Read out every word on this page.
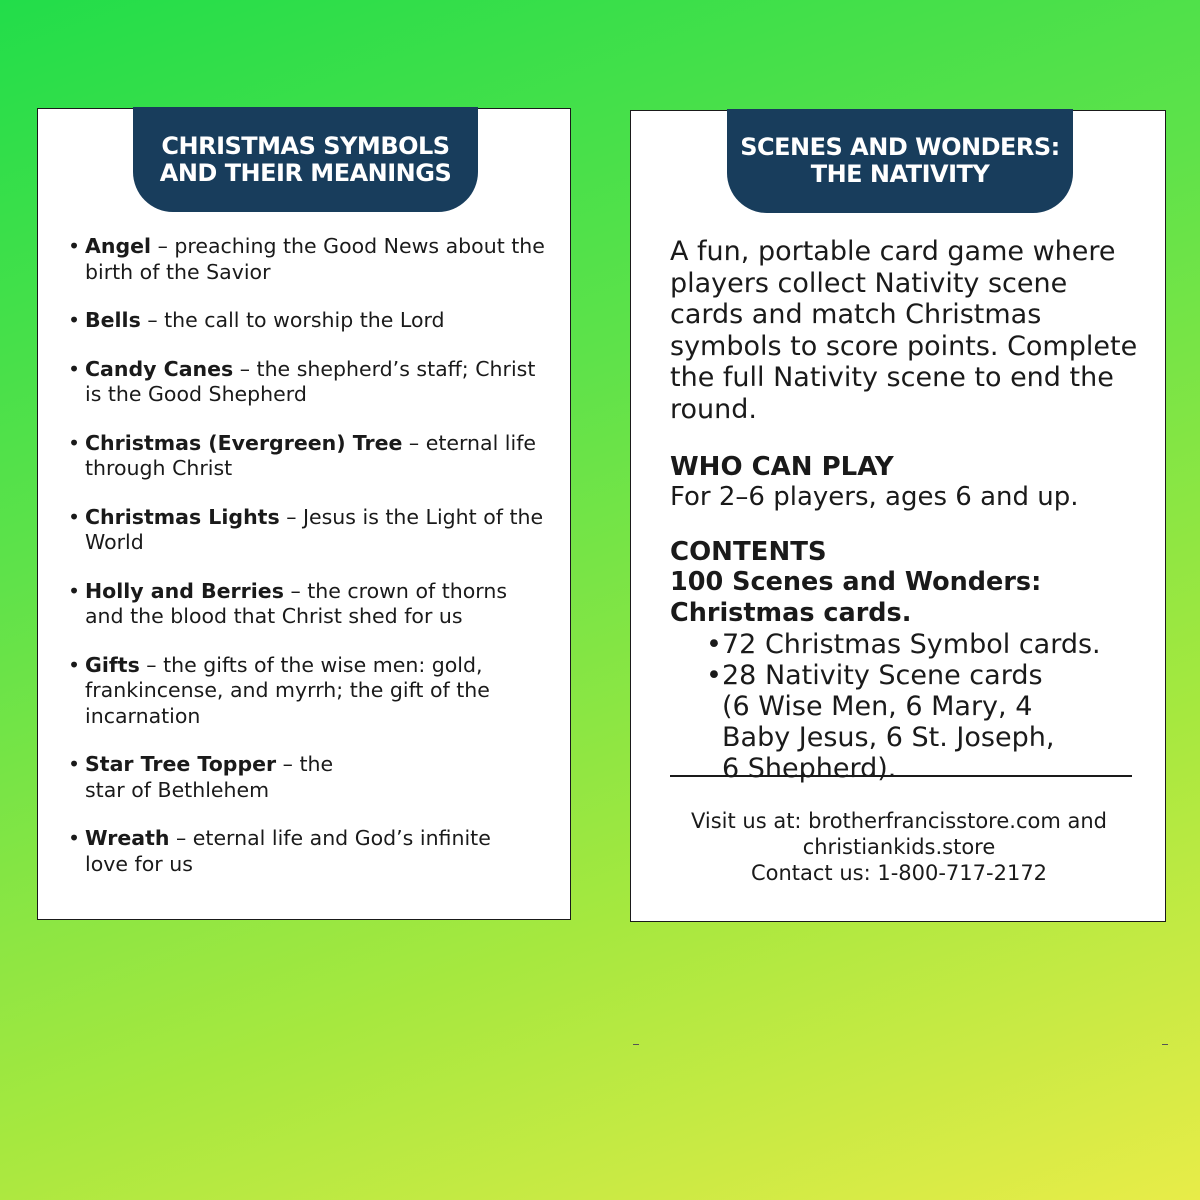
CHRISTMAS SYMBOLS
AND THEIR MEANINGS
• Angel – preaching the Good News about the birth of the Savior
• Bells – the call to worship the Lord
• Candy Canes – the shepherd’s staff; Christ is the Good Shepherd
• Christmas (Evergreen) Tree – eternal life through Christ
• Christmas Lights – Jesus is the Light of the World
• Holly and Berries – the crown of thorns and the blood that Christ shed for us
• Gifts – the gifts of the wise men: gold, frankincense, and myrrh; the gift of the incarnation
• Star Tree Topper – the star of Bethlehem
• Wreath – eternal life and God’s infinite love for us
SCENES AND WONDERS:
THE NATIVITY

A fun, portable card game where players collect Nativity scene cards and match Christmas symbols to score points. Complete the full Nativity scene to end the round.

WHO CAN PLAY

For 2–6 players, ages 6 and up.

CONTENTS

100 Scenes and Wonders:

Christmas cards.

• 72 Christmas Symbol cards.
• 28 Nativity Scene cards (6 Wise Men, 6 Mary, 4 Baby Jesus, 6 St. Joseph, 6 Shepherd).
Visit us at: brotherfrancisstore.com and
christiankids.store
Contact us: 1-800-717-2172
